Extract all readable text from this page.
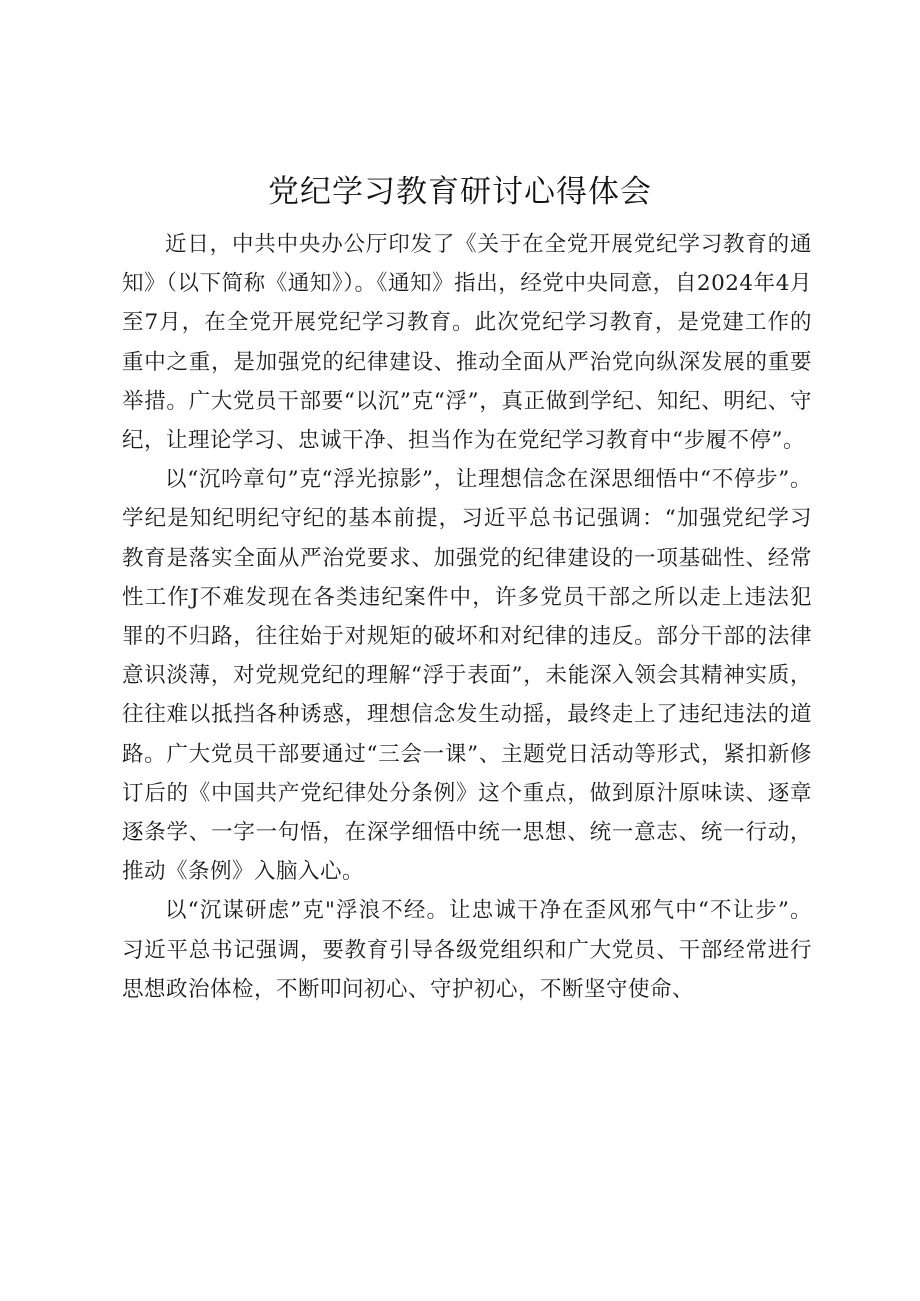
党纪学习教育研讨心得体会

近日，中共中央办公厅印发了《关于在全党开展党纪学习教育的通知》（以下简称《通知》）。《通知》指出，经党中央同意，自2024年4月至7月，在全党开展党纪学习教育。此次党纪学习教育，是党建工作的重中之重，是加强党的纪律建设、推动全面从严治党向纵深发展的重要举措。广大党员干部要“以沉”克“浮”，真正做到学纪、知纪、明纪、守纪，让理论学习、忠诚干净、担当作为在党纪学习教育中“步履不停”。

以“沉吟章句”克“浮光掠影”，让理想信念在深思细悟中“不停步”。学纪是知纪明纪守纪的基本前提，习近平总书记强调：“加强党纪学习教育是落实全面从严治党要求、加强党的纪律建设的一项基础性、经常性工作J不难发现在各类违纪案件中，许多党员干部之所以走上违法犯罪的不归路，往往始于对规矩的破坏和对纪律的违反。部分干部的法律意识淡薄，对党规党纪的理解“浮于表面”，未能深入领会其精神实质，往往难以抵挡各种诱惑，理想信念发生动摇，最终走上了违纪违法的道路。广大党员干部要通过“三会一课”、主题党日活动等形式，紧扣新修订后的《中国共产党纪律处分条例》这个重点，做到原汁原味读、逐章逐条学、一字一句悟，在深学细悟中统一思想、统一意志、统一行动，推动《条例》入脑入心。

以“沉谋研虑”克"浮浪不经。让忠诚干净在歪风邪气中“不让步”。习近平总书记强调，要教育引导各级党组织和广大党员、干部经常进行思想政治体检，不断叩问初心、守护初心，不断坚守使命、
